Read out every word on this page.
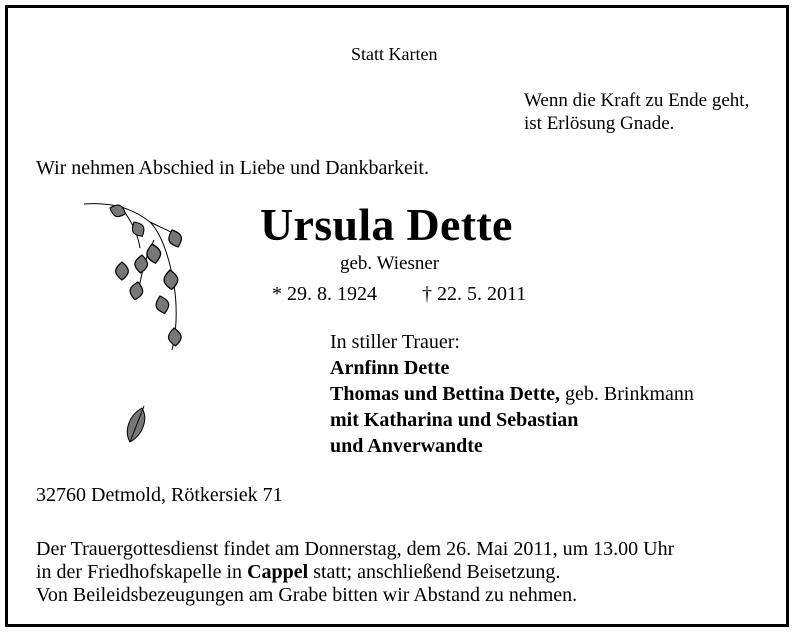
Statt Karten
Wenn die Kraft zu Ende geht,
ist Erlösung Gnade.
Wir nehmen Abschied in Liebe und Dankbarkeit.
Ursula Dette
geb. Wiesner
* 29. 8. 1924 † 22. 5. 2011
In stiller Trauer:
Arnfinn Dette
Thomas und Bettina Dette, geb. Brinkmann
mit Katharina und Sebastian
und Anverwandte
32760 Detmold, Rötkersiek 71
Der Trauergottesdienst findet am Donnerstag, dem 26. Mai 2011, um 13.00 Uhr
in der Friedhofskapelle in Cappel statt; anschließend Beisetzung.
Von Beileidsbezeugungen am Grabe bitten wir Abstand zu nehmen.
